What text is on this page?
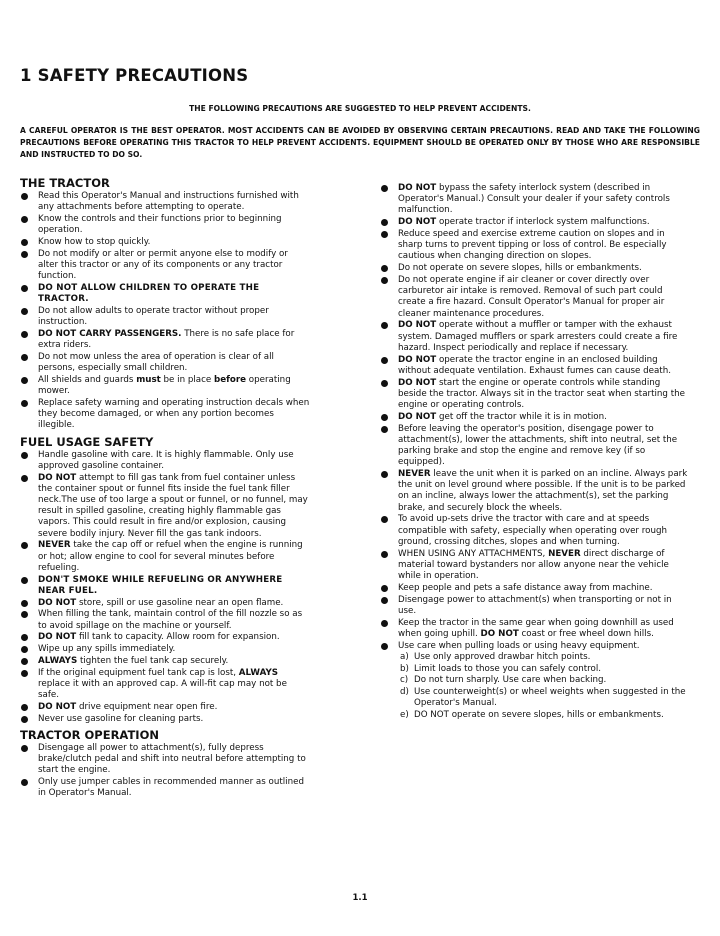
1 SAFETY PRECAUTIONS
THE FOLLOWING PRECAUTIONS ARE SUGGESTED TO HELP PREVENT ACCIDENTS.
A CAREFUL OPERATOR IS THE BEST OPERATOR. MOST ACCIDENTS CAN BE AVOIDED BY OBSERVING CERTAIN PRECAUTIONS. READ AND TAKE THE FOLLOWING PRECAUTIONS BEFORE OPERATING THIS TRACTOR TO HELP PREVENT ACCIDENTS. EQUIPMENT SHOULD BE OPERATED ONLY BY THOSE WHO ARE RESPONSIBLE AND INSTRUCTED TO DO SO.
THE TRACTOR
Read this Operator's Manual and instructions furnished with any attachments before attempting to operate.
Know the controls and their functions prior to beginning operation.
Know how to stop quickly.
Do not modify or alter or permit anyone else to modify or alter this tractor or any of its components or any tractor function.
DO NOT ALLOW CHILDREN TO OPERATE THE TRACTOR.
Do not allow adults to operate tractor without proper instruction.
DO NOT CARRY PASSENGERS. There is no safe place for extra riders.
Do not mow unless the area of operation is clear of all persons, especially small children.
All shields and guards must be in place before operating mower.
Replace safety warning and operating instruction decals when they become damaged, or when any portion becomes illegible.
FUEL USAGE SAFETY
Handle gasoline with care. It is highly flammable. Only use approved gasoline container.
DO NOT attempt to fill gas tank from fuel container unless the container spout or funnel fits inside the fuel tank filler neck.The use of too large a spout or funnel, or no funnel, may result in spilled gasoline, creating highly flammable gas vapors. This could result in fire and/or explosion, causing severe bodily injury. Never fill the gas tank indoors.
NEVER take the cap off or refuel when the engine is running or hot; allow engine to cool for several minutes before refueling.
DON'T SMOKE WHILE REFUELING OR ANYWHERE NEAR FUEL.
DO NOT store, spill or use gasoline near an open flame.
When filling the tank, maintain control of the fill nozzle so as to avoid spillage on the machine or yourself.
DO NOT fill tank to capacity. Allow room for expansion.
Wipe up any spills immediately.
ALWAYS tighten the fuel tank cap securely.
If the original equipment fuel tank cap is lost, ALWAYS replace it with an approved cap. A will-fit cap may not be safe.
DO NOT drive equipment near open fire.
Never use gasoline for cleaning parts.
TRACTOR OPERATION
Disengage all power to attachment(s), fully depress brake/clutch pedal and shift into neutral before attempting to start the engine.
Only use jumper cables in recommended manner as outlined in Operator's Manual.
DO NOT bypass the safety interlock system (described in Operator's Manual.) Consult your dealer if your safety controls malfunction.
DO NOT operate tractor if interlock system malfunctions.
Reduce speed and exercise extreme caution on slopes and in sharp turns to prevent tipping or loss of control. Be especially cautious when changing direction on slopes.
Do not operate on severe slopes, hills or embankments.
Do not operate engine if air cleaner or cover directly over carburetor air intake is removed. Removal of such part could create a fire hazard. Consult Operator's Manual for proper air cleaner maintenance procedures.
DO NOT operate without a muffler or tamper with the exhaust system. Damaged mufflers or spark arresters could create a fire hazard. Inspect periodically and replace if necessary.
DO NOT operate the tractor engine in an enclosed building without adequate ventilation. Exhaust fumes can cause death.
DO NOT start the engine or operate controls while standing beside the tractor. Always sit in the tractor seat when starting the engine or operating controls.
DO NOT get off the tractor while it is in motion.
Before leaving the operator's position, disengage power to attachment(s), lower the attachments, shift into neutral, set the parking brake and stop the engine and remove key (if so equipped).
NEVER leave the unit when it is parked on an incline. Always park the unit on level ground where possible. If the unit is to be parked on an incline, always lower the attachment(s), set the parking brake, and securely block the wheels.
To avoid up-sets drive the tractor with care and at speeds compatible with safety, especially when operating over rough ground, crossing ditches, slopes and when turning.
WHEN USING ANY ATTACHMENTS, NEVER direct discharge of material toward bystanders nor allow anyone near the vehicle while in operation.
Keep people and pets a safe distance away from machine.
Disengage power to attachment(s) when transporting or not in use.
Keep the tractor in the same gear when going downhill as used when going uphill. DO NOT coast or free wheel down hills.
Use care when pulling loads or using heavy equipment.
a) Use only approved drawbar hitch points.
b) Limit loads to those you can safely control.
c) Do not turn sharply. Use care when backing.
d) Use counterweight(s) or wheel weights when suggested in the Operator's Manual.
e) DO NOT operate on severe slopes, hills or embankments.
1.1
